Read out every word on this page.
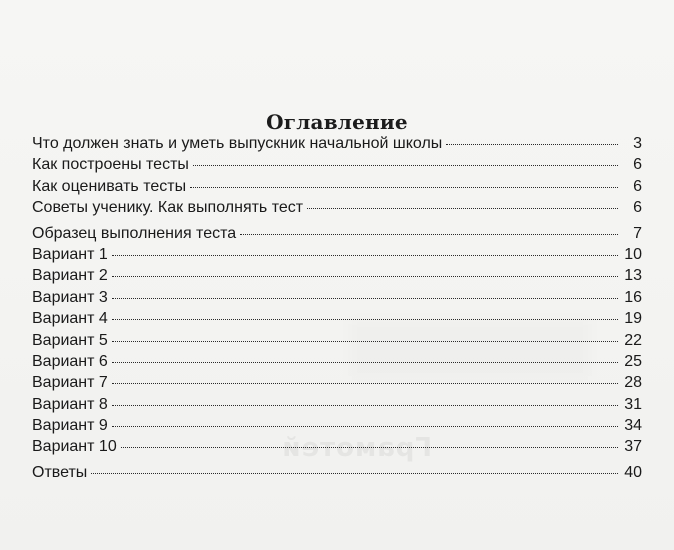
Грамотей
Оглавление
Что должен знать и уметь выпускник начальной школы	3
Как построены тесты	6
Как оценивать тесты	6
Советы ученику. Как выполнять тест	6
Образец выполнения теста	7
Вариант 1	10
Вариант 2	13
Вариант 3	16
Вариант 4	19
Вариант 5	22
Вариант 6	25
Вариант 7	28
Вариант 8	31
Вариант 9	34
Вариант 10	37
Ответы	40
